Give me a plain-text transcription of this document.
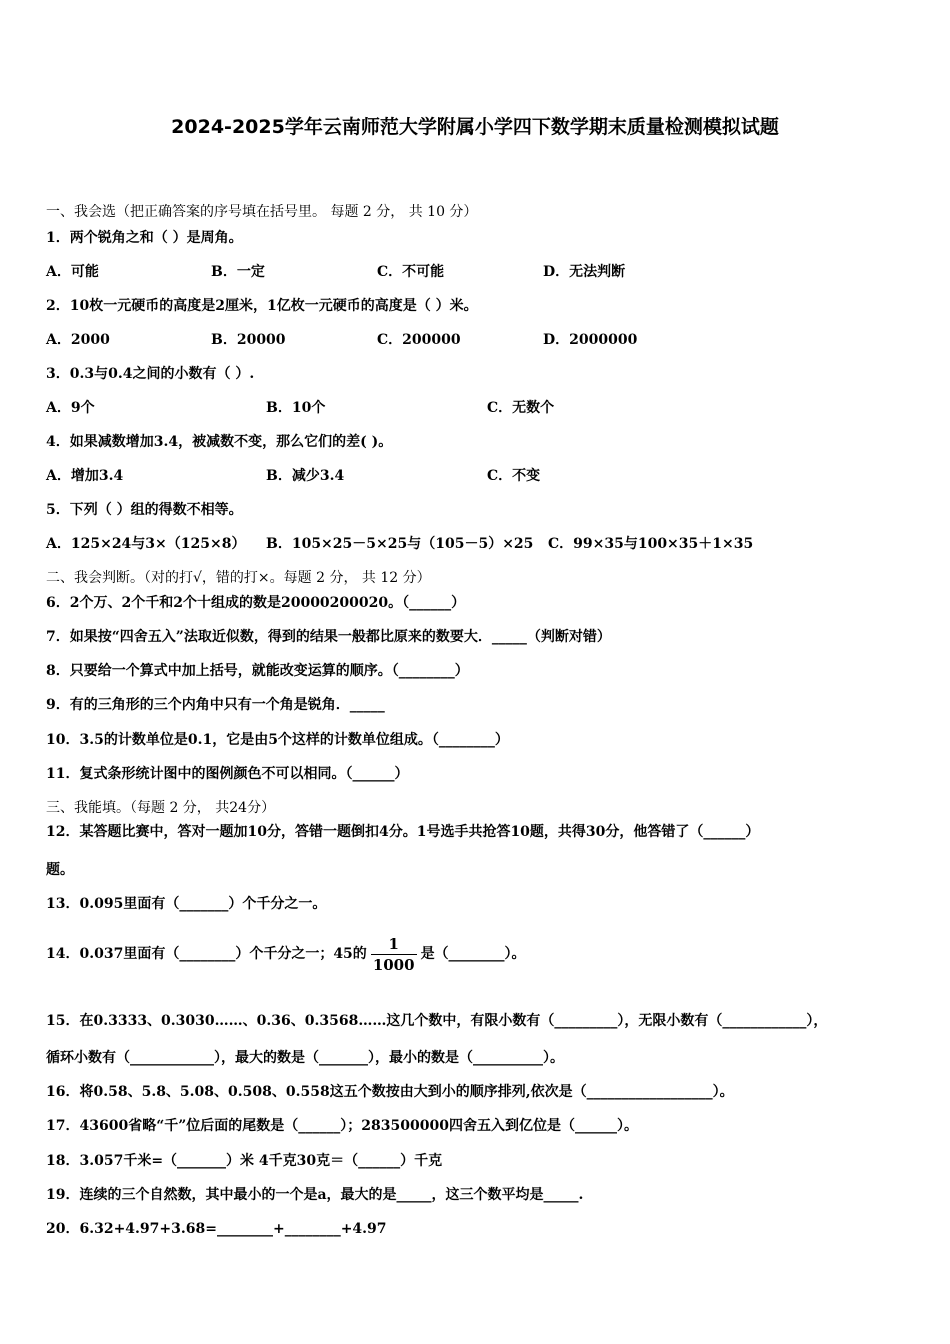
2024-2025学年云南师范大学附属小学四下数学期末质量检测模拟试题
一、我会选（把正确答案的序号填在括号里。 每题 2 分， 共 10 分）
1．两个锐角之和（ ）是周角。
A．可能	B．一定	C．不可能	D．无法判断
2．10枚一元硬币的高度是2厘米，1亿枚一元硬币的高度是（ ）米。
A．2000	B．20000	C．200000	D．2000000
3．0.3与0.4之间的小数有（ ）.
A．9个	B．10个	C．无数个
4．如果减数增加3.4，被减数不变，那么它们的差( )。
A．增加3.4	B．减少3.4	C．不变
5．下列（ ）组的得数不相等。
A．125×24与3×（125×8） B．105×25－5×25与（105－5）×25 C．99×35与100×35＋1×35
二、我会判断。（对的打√，错的打×。每题 2 分， 共 12 分）
6．2个万、2个千和2个十组成的数是20000200020。（______）
7．如果按“四舍五入”法取近似数，得到的结果一般都比原来的数要大．_____（判断对错）
8．只要给一个算式中加上括号，就能改变运算的顺序。（________）
9．有的三角形的三个内角中只有一个角是锐角．_____
10．3.5的计数单位是0.1，它是由5个这样的计数单位组成。（________）
11．复式条形统计图中的图例颜色不可以相同。（______）
三、我能填。（每题 2 分， 共24分）
12．某答题比赛中，答对一题加10分，答错一题倒扣4分。1号选手共抢答10题，共得30分，他答错了（______）
题。
13．0.095里面有（_______）个千分之一。
14．0.037里面有（________）个千分之一；45的 $\frac{1}{1000}$ 是（________）。
15．在0.3333、0.3030……、0.36、0.3568……这几个数中，有限小数有（_________），无限小数有（____________），
循环小数有（____________），最大的数是（_______），最小的数是（__________）。
16．将0.58、5.8、5.08、0.508、0.558这五个数按由大到小的顺序排列,依次是（__________________）。
17．43600省略“千”位后面的尾数是（______）；283500000四舍五入到亿位是（______）。
18．3.057千米=（_______）米 4千克30克＝（______）千克
19．连续的三个自然数，其中最小的一个是a，最大的是_____，这三个数平均是_____.
20．6.32+4.97+3.68=________+________+4.97
